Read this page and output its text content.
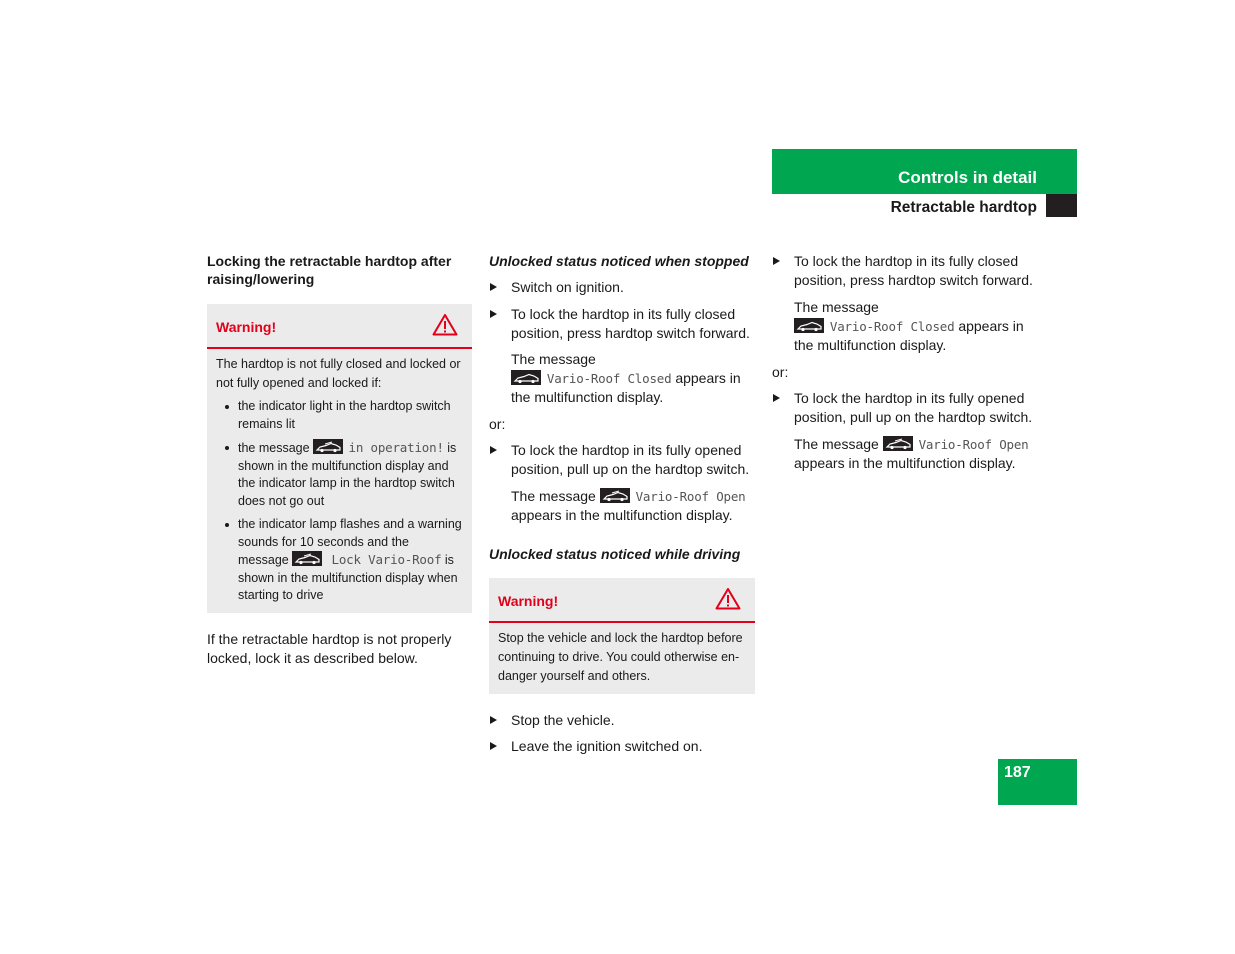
Controls in detail
Retractable hardtop

Locking the retractable hardtop after raising/lowering

Warning!

The hardtop is not fully closed and locked or not fully opened and locked if:

the indicator light in the hardtop switch remains lit
the message	in operation! is shown in the multifunction display and the indicator lamp in the hardtop switch does not go out
the indicator lamp flashes and a warning sounds for 10 seconds and the message	Lock Vario-Roof is shown in the multifunction display when starting to drive

If the retractable hardtop is not properly locked, lock it as described below.

Unlocked status noticed when stopped

Switch on ignition.
To lock the hardtop in its fully closed position, press hardtop switch forward.

The message

Vario-Roof Closed appears in the multifunction display.

or:

To lock the hardtop in its fully opened position, pull up on the hardtop switch.

The message	Vario-Roof Open
appears in the multifunction display.

Unlocked status noticed while driving

Warning!
Stop the vehicle and lock the hardtop before continuing to drive. You could otherwise en-danger yourself and others.
Stop the vehicle.
Leave the ignition switched on.
To lock the hardtop in its fully closed position, press hardtop switch forward.

The message

Vario-Roof Closed appears in the multifunction display.

or:

To lock the hardtop in its fully opened position, pull up on the hardtop switch.

The message	Vario-Roof Open
appears in the multifunction display.

187
